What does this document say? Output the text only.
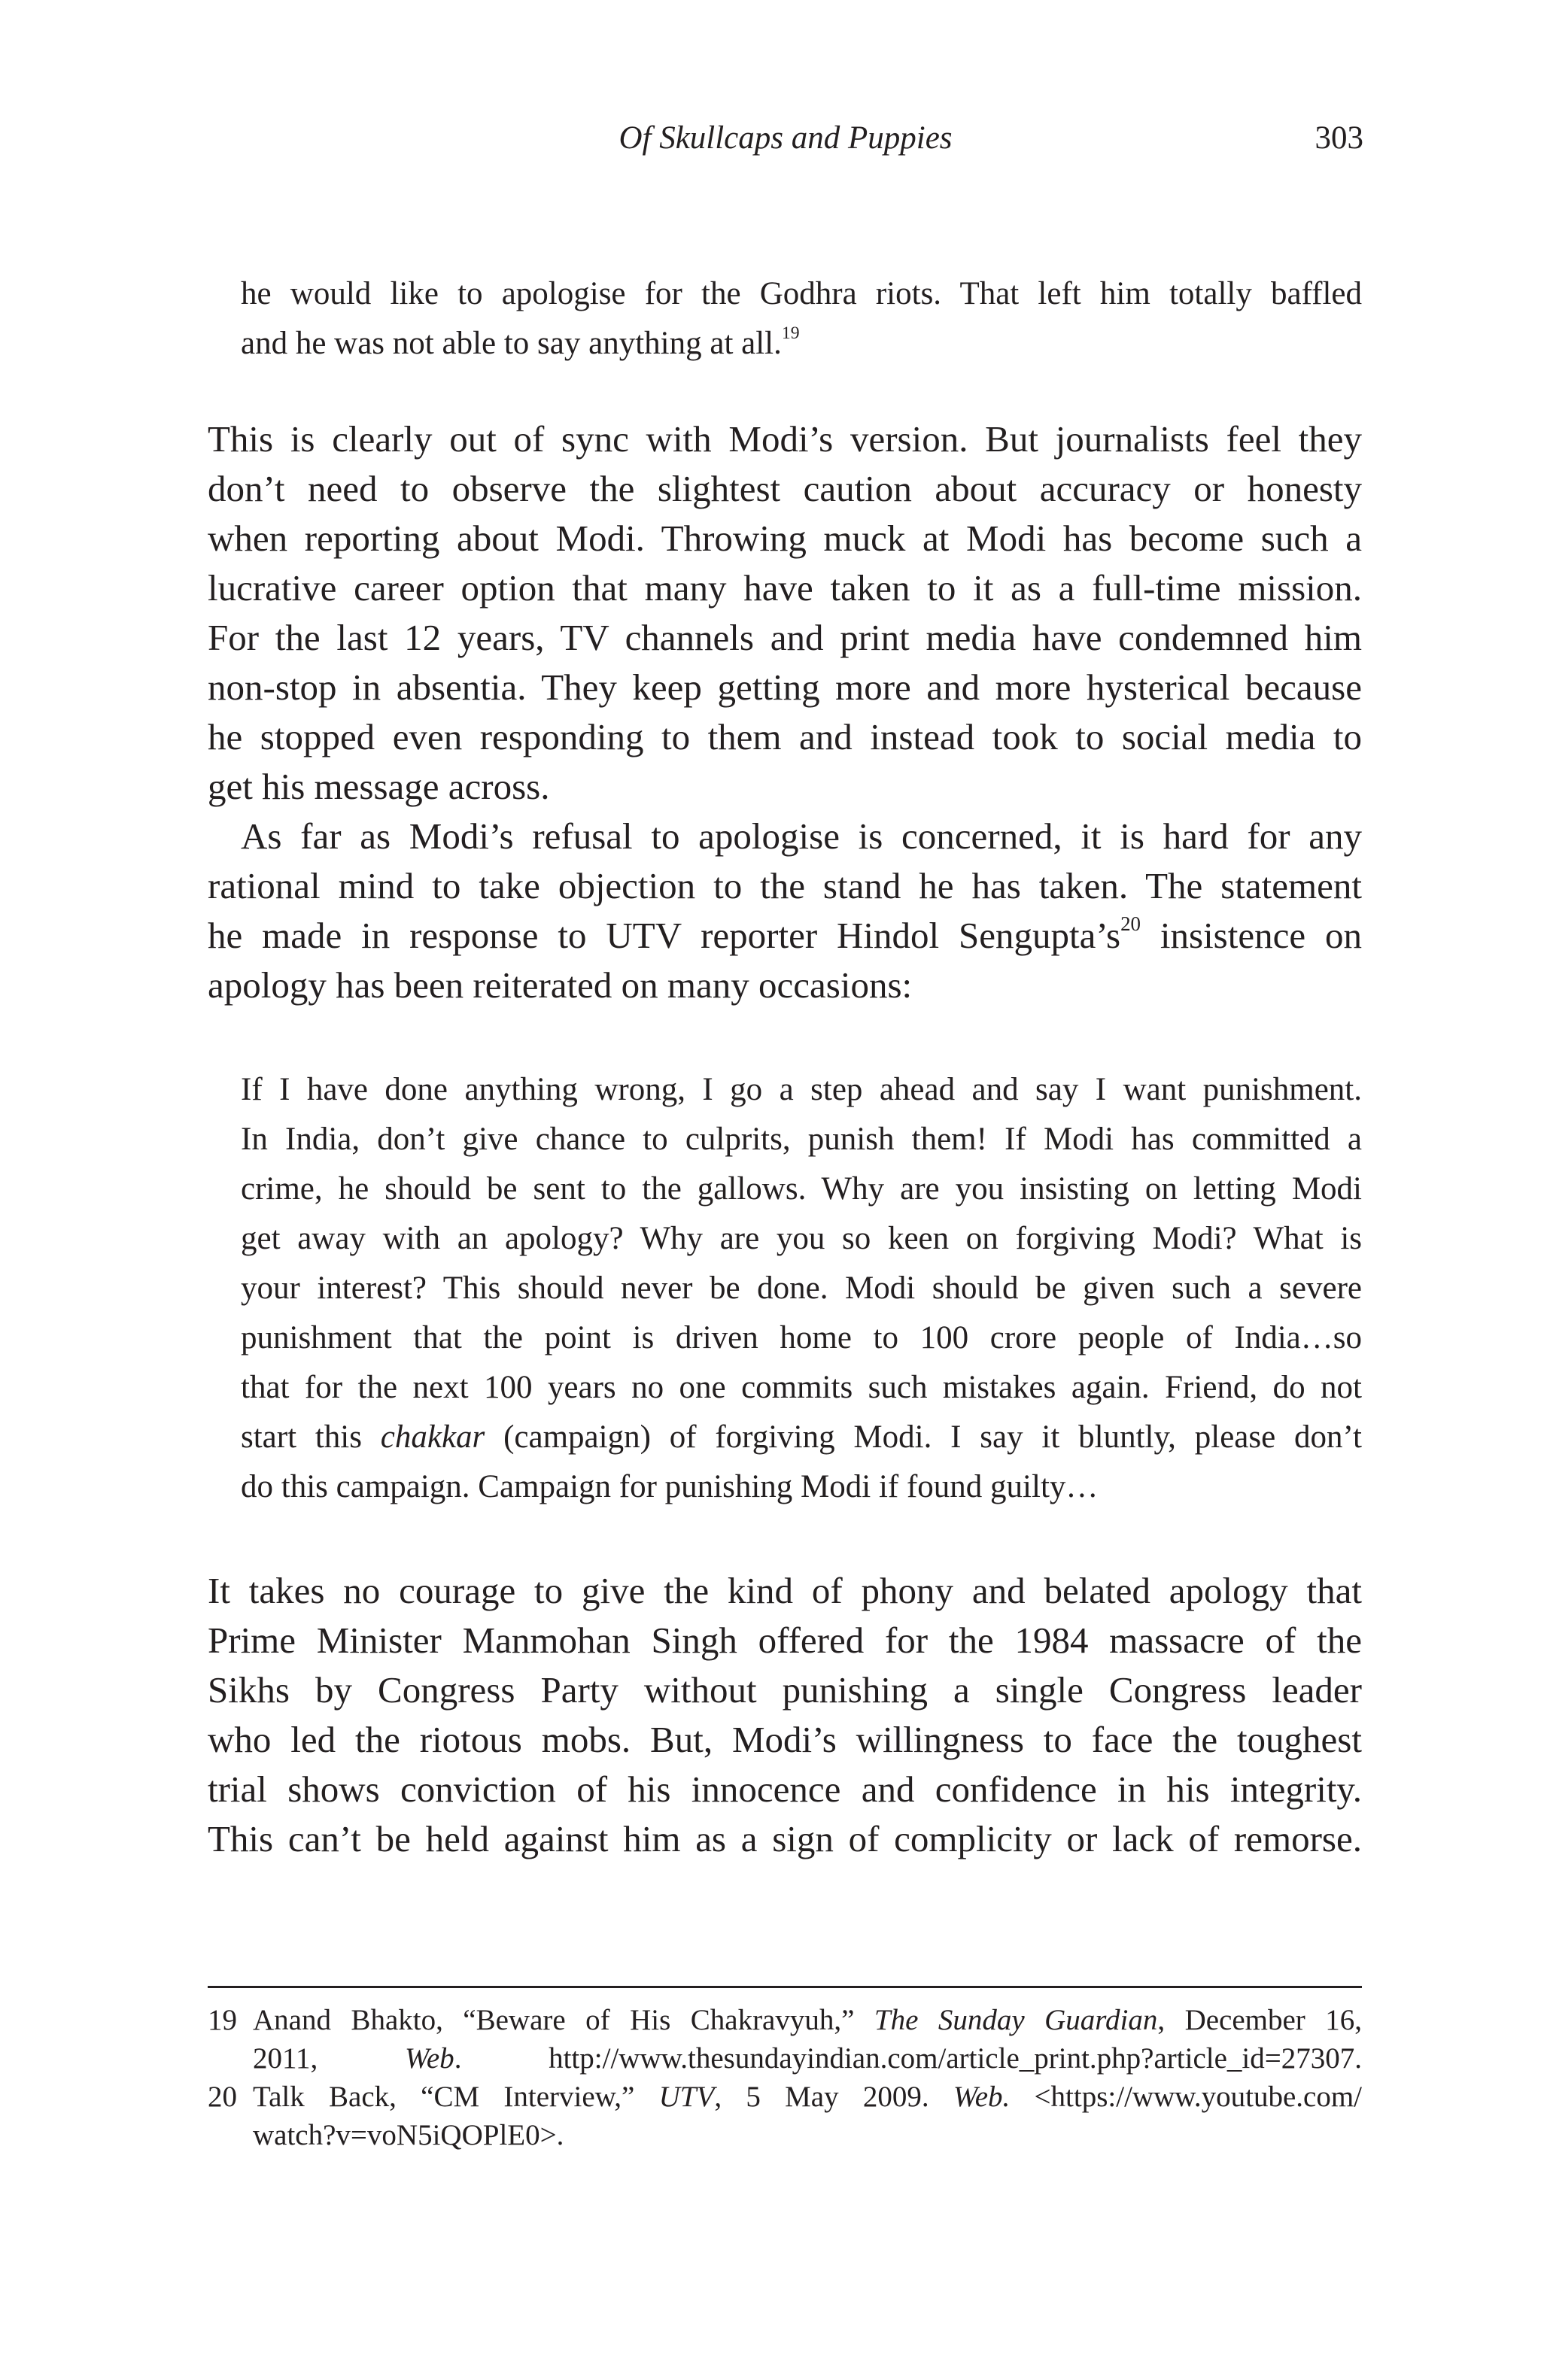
Of Skullcaps and Puppies	303
he would like to apologise for the Godhra riots. That left him totally baffled
and he was not able to say anything at all.$^{19}$
This is clearly out of sync with Modi’s version. But journalists feel they
don’t need to observe the slightest caution about accuracy or honesty
when reporting about Modi. Throwing muck at Modi has become such a
lucrative career option that many have taken to it as a full-time mission.
For the last 12 years, TV channels and print media have condemned him
non-stop in absentia. They keep getting more and more hysterical because
he stopped even responding to them and instead took to social media to
get his message across.
As far as Modi’s refusal to apologise is concerned, it is hard for any
rational mind to take objection to the stand he has taken. The statement
he made in response to UTV reporter Hindol $Sengupta’s^{20}$ insistence on
apology has been reiterated on many occasions:
If I have done anything wrong, I go a step ahead and say I want punishment.
In India, don’t give chance to culprits, punish them! If Modi has committed a
crime, he should be sent to the gallows. Why are you insisting on letting Modi
get away with an apology? Why are you so keen on forgiving Modi? What is
your interest? This should never be done. Modi should be given such a severe
punishment that the point is driven home to 100 crore people of India…so
that for the next 100 years no one commits such mistakes again. Friend, do not
start this chakkar (campaign) of forgiving Modi. I say it bluntly, please don’t
do this campaign. Campaign for punishing Modi if found guilty…
It takes no courage to give the kind of phony and belated apology that
Prime Minister Manmohan Singh offered for the 1984 massacre of the
Sikhs by Congress Party without punishing a single Congress leader
who led the riotous mobs. But, Modi’s willingness to face the toughest
trial shows conviction of his innocence and confidence in his integrity.
This can’t be held against him as a sign of complicity or lack of remorse.
19 Anand Bhakto, “Beware of His Chakravyuh,” The Sunday Guardian, December 16,
2011, Web. http://www.thesundayindian.com/article_print.php?article_id=27307.
20 Talk Back, “CM Interview,” UTV, 5 May 2009. Web. <https://www.youtube.com/
watch?v=voN5iQOPlE0>.
